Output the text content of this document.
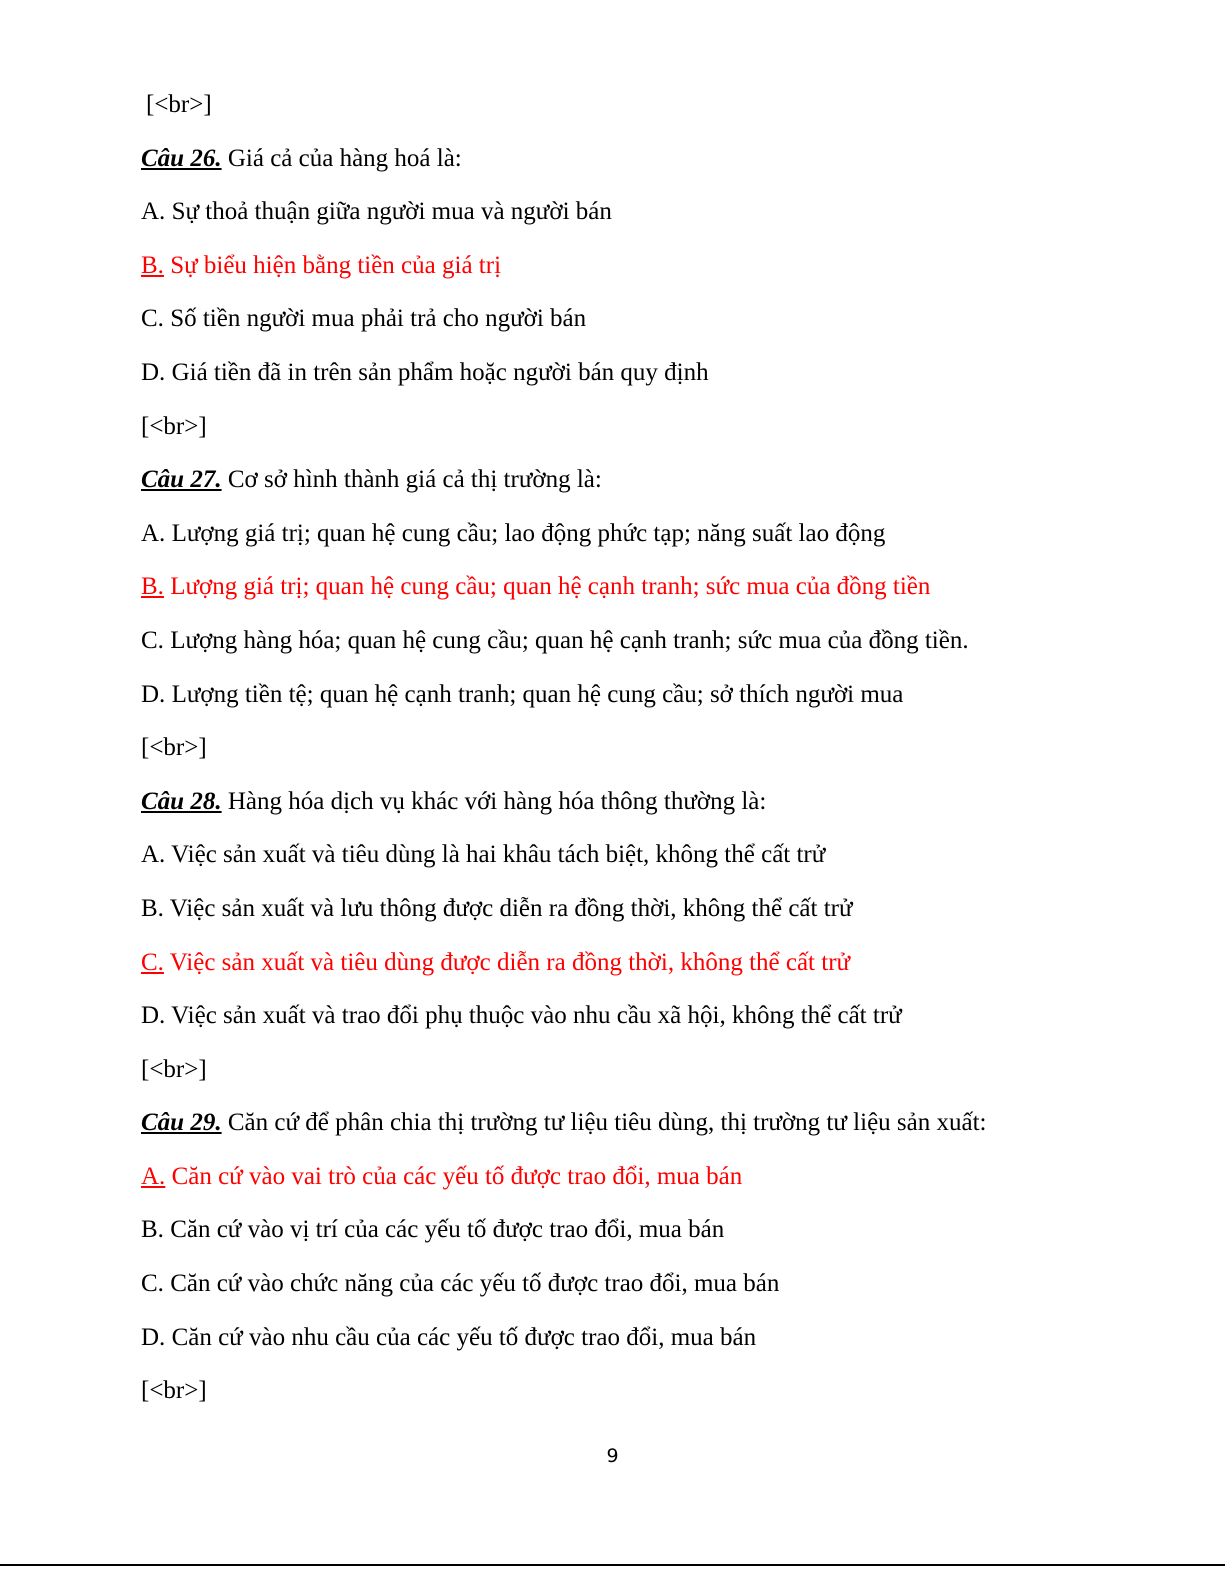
[<br>]
Câu 26. Giá cả của hàng hoá là:
A. Sự thoả thuận giữa người mua và người bán
B. Sự biểu hiện bằng tiền của giá trị
C. Số tiền người mua phải trả cho người bán
D. Giá tiền đã in trên sản phẩm hoặc người bán quy định
[<br>]
Câu 27. Cơ sở hình thành giá cả thị trường là:
A. Lượng giá trị; quan hệ cung cầu; lao động phức tạp; năng suất lao động
B. Lượng giá trị; quan hệ cung cầu; quan hệ cạnh tranh; sức mua của đồng tiền
C. Lượng hàng hóa; quan hệ cung cầu; quan hệ cạnh tranh; sức mua của đồng tiền.
D. Lượng tiền tệ; quan hệ cạnh tranh; quan hệ cung cầu; sở thích người mua
[<br>]
Câu 28. Hàng hóa dịch vụ khác với hàng hóa thông thường là:
A. Việc sản xuất và tiêu dùng là hai khâu tách biệt, không thể cất trử
B. Việc sản xuất và lưu thông được diễn ra đồng thời, không thể cất trử
C. Việc sản xuất và tiêu dùng được diễn ra đồng thời, không thể cất trử
D. Việc sản xuất và trao đổi phụ thuộc vào nhu cầu xã hội, không thể cất trử
[<br>]
Câu 29. Căn cứ để phân chia thị trường tư liệu tiêu dùng, thị trường tư liệu sản xuất:
A. Căn cứ vào vai trò của các yếu tố được trao đổi, mua bán
B. Căn cứ vào vị trí của các yếu tố được trao đổi, mua bán
C. Căn cứ vào chức năng của các yếu tố được trao đổi, mua bán
D. Căn cứ vào nhu cầu của các yếu tố được trao đổi, mua bán
[<br>]
9
